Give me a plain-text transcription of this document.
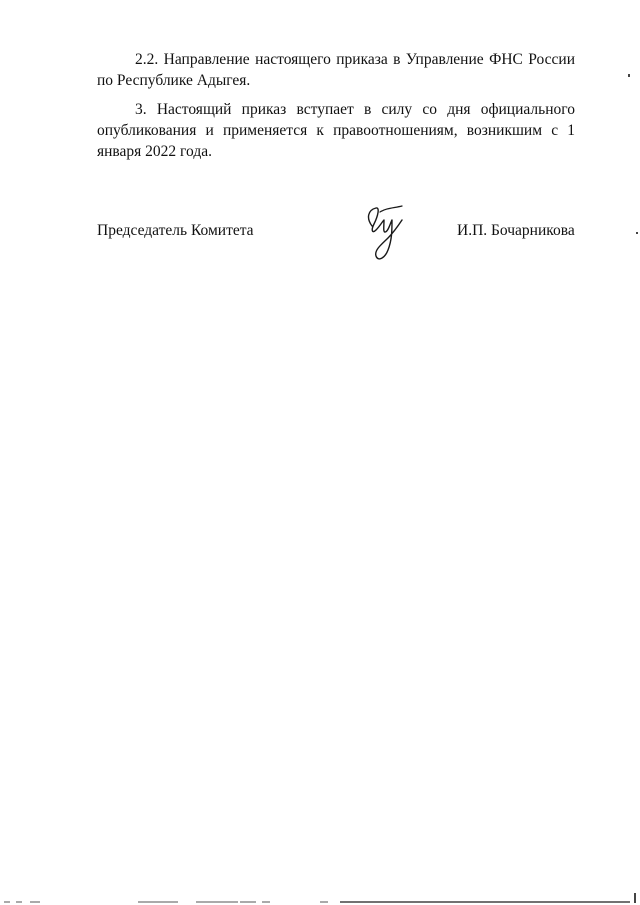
2.2. Направление настоящего приказа в Управление ФНС России по Республике Адыгея.

3. Настоящий приказ вступает в силу со дня официального
опубликования и применяется к правоотношениям, возникшим с 1 января 2022 года.

Председатель Комитета	И.П. Бочарникова
